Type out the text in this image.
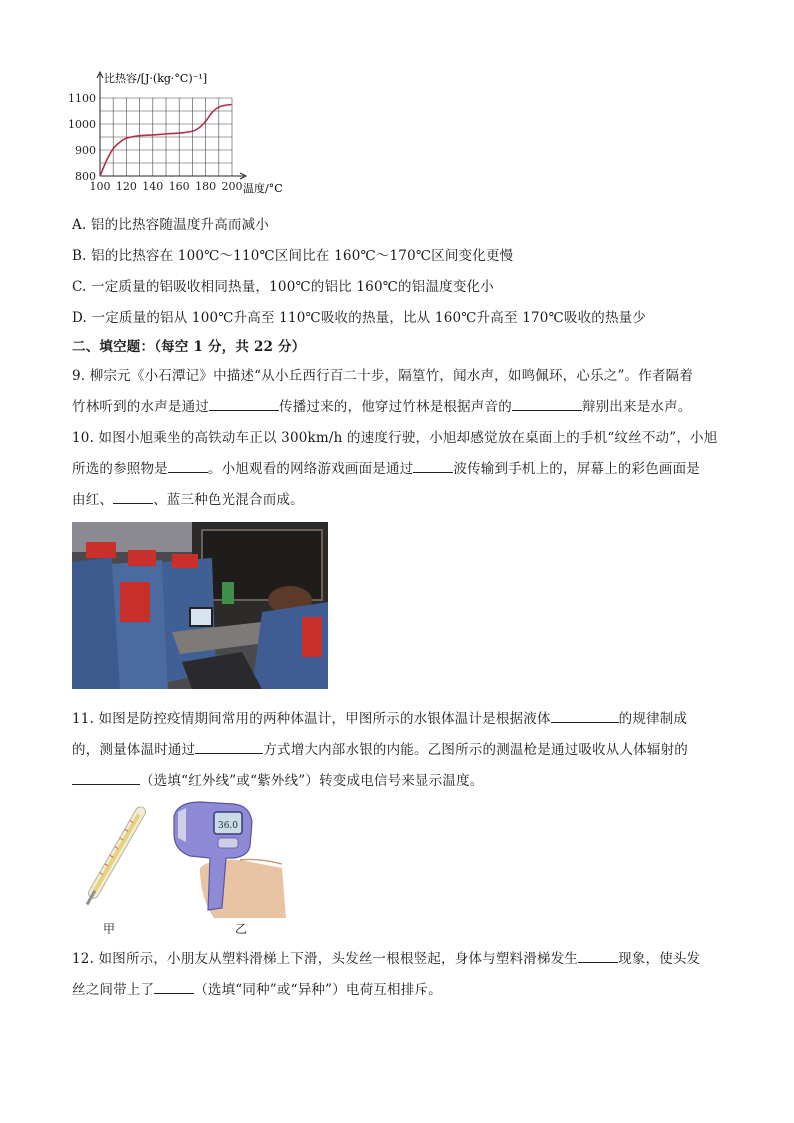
100 120 140 160 180 200
800
900
1000
1100
比热容/[J·(kg·°C)⁻¹]
温度/°C
A. 铝的比热容随温度升高而减小
B. 铝的比热容在 100℃～110℃区间比在 160℃～170℃区间变化更慢
C. 一定质量的铝吸收相同热量，100℃的铝比 160℃的铝温度变化小
D. 一定质量的铝从 100℃升高至 110℃吸收的热量，比从 160℃升高至 170℃吸收的热量少
二、填空题：（每空 1 分，共 22 分）
9. 柳宗元《小石潭记》中描述“从小丘西行百二十步，隔篁竹，闻水声，如鸣佩环，心乐之”。作者隔着
竹林听到的水声是通过	传播过来的，他穿过竹林是根据声音的	辩别出来是水声。
10. 如图小旭乘坐的高铁动车正以 300km/h 的速度行驶，小旭却感觉放在桌面上的手机“纹丝不动”，小旭
所选的参照物是	。小旭观看的网络游戏画面是通过	波传输到手机上的，屏幕上的彩色画面是
由红、	、蓝三种色光混合而成。
11. 如图是防控疫情期间常用的两种体温计，甲图所示的水银体温计是根据液体	的规律制成
的，测量体温时通过	方式增大内部水银的内能。乙图所示的测温枪是通过吸收从人体辐射的
（选填“红外线”或“紫外线”）转变成电信号来显示温度。
甲
36.0
乙
12. 如图所示，小朋友从塑料滑梯上下滑，头发丝一根根竖起，身体与塑料滑梯发生	现象，使头发
丝之间带上了	（选填“同种”或“异种”）电荷互相排斥。
